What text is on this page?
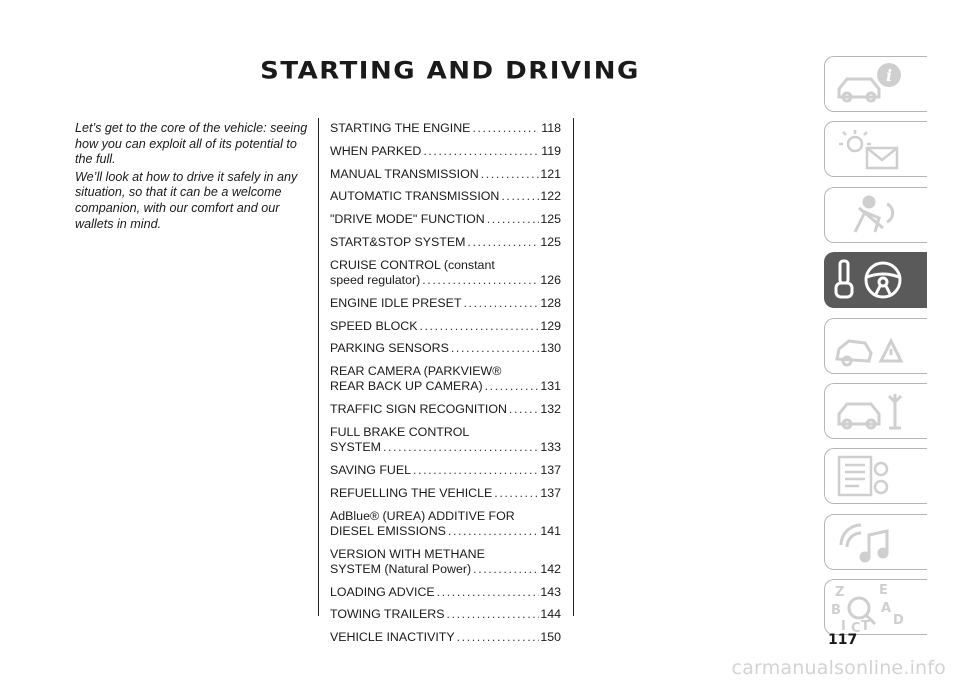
STARTING AND DRIVING

Let’s get to the core of the vehicle: seeing how you can exploit all of its potential to the full.

We’ll look at how to drive it safely in any situation, so that it can be a welcome companion, with our comfort and our wallets in mind.

STARTING THE ENGINE .....	118
WHEN PARKED .....	119
MANUAL TRANSMISSION .....	121
AUTOMATIC TRANSMISSION .....	122
"DRIVE MODE" FUNCTION .....	125
START&STOP SYSTEM .....	125
CRUISE CONTROL (constant
speed regulator) .....	126
ENGINE IDLE PRESET .....	128
SPEED BLOCK .....	129
PARKING SENSORS .....	130
REAR CAMERA (PARKVIEW®
REAR BACK UP CAMERA) .....	131
TRAFFIC SIGN RECOGNITION .....	132
FULL BRAKE CONTROL
SYSTEM .....	133
SAVING FUEL .....	137
REFUELLING THE VEHICLE .....	137
AdBlue® (UREA) ADDITIVE FOR
DIESEL EMISSIONS .....	141
VERSION WITH METHANE
SYSTEM (Natural Power) .....	142
LOADING ADVICE .....	143
TOWING TRAILERS .....	144
VEHICLE INACTIVITY .....	150
i
Z	E
B	A
I C T D
117
carmanualsonline.info
